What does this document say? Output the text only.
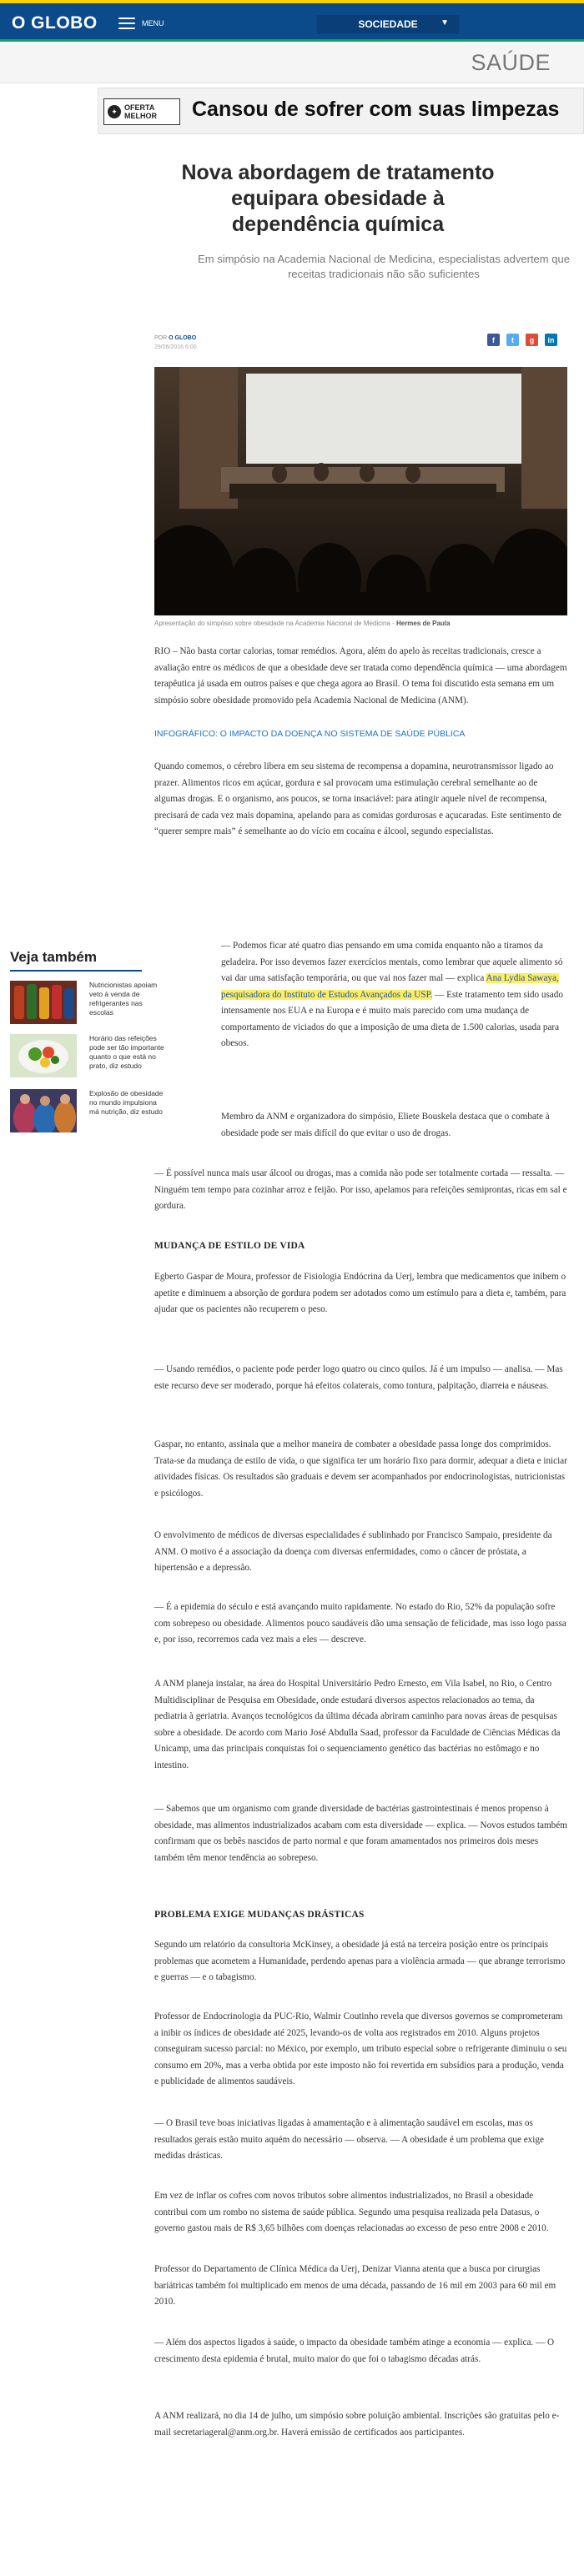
O GLOBO	MENU	SOCIEDADE	▼
SAÚDE
✦ OFERTA
MELHOR Cansou de sofrer com suas limpezas
Nova abordagem de tratamento equipara obesidade à dependência química

Em simpósio na Academia Nacional de Medicina, especialistas advertem que receitas tradicionais não são suficientes

POR O GLOBO
29/06/2016 6:00
f	t	g	in
Apresentação do simpósio sobre obesidade na Academia Nacional de Medicina - Hermes de Paula

RIO – Não basta cortar calorias, tomar remédios. Agora, além do apelo às receitas tradicionais, cresce a avaliação entre os médicos de que a obesidade deve ser tratada como dependência química — uma abordagem terapêutica já usada em outros países e que chega agora ao Brasil. O tema foi discutido esta semana em um simpósio sobre obesidade promovido pela Academia Nacional de Medicina (ANM).

INFOGRÁFICO: O IMPACTO DA DOENÇA NO SISTEMA DE SAÚDE PÚBLICA

Quando comemos, o cérebro libera em seu sistema de recompensa a dopamina, neurotransmissor ligado ao prazer. Alimentos ricos em açúcar, gordura e sal provocam uma estimulação cerebral semelhante ao de algumas drogas. E o organismo, aos poucos, se torna insaciável: para atingir aquele nível de recompensa, precisará de cada vez mais dopamina, apelando para as comidas gordurosas e açucaradas. Este sentimento de “querer sempre mais” é semelhante ao do vício em cocaína e álcool, segundo especialistas.

Veja também
Nutricionistas apoiam veto à venda de refrigerantes nas escolas
Horário das refeições pode ser tão importante quanto o que está no prato, diz estudo
Explosão de obesidade no mundo impulsiona má nutrição, diz estudo

— Podemos ficar até quatro dias pensando em uma comida enquanto não a tiramos da geladeira. Por isso devemos fazer exercícios mentais, como lembrar que aquele alimento só vai dar uma satisfação temporária, ou que vai nos fazer mal — explica Ana Lydia Sawaya, pesquisadora do Instituto de Estudos Avançados da USP. — Este tratamento tem sido usado intensamente nos EUA e na Europa e é muito mais parecido com uma mudança de comportamento de viciados do que a imposição de uma dieta de 1.500 calorias, usada para obesos.

Membro da ANM e organizadora do simpósio, Eliete Bouskela destaca que o combate à obesidade pode ser mais difícil do que evitar o uso de drogas.

— É possível nunca mais usar álcool ou drogas, mas a comida não pode ser totalmente cortada — ressalta. — Ninguém tem tempo para cozinhar arroz e feijão. Por isso, apelamos para refeições semiprontas, ricas em sal e gordura.

MUDANÇA DE ESTILO DE VIDA

Egberto Gaspar de Moura, professor de Fisiologia Endócrina da Uerj, lembra que medicamentos que inibem o apetite e diminuem a absorção de gordura podem ser adotados como um estímulo para a dieta e, também, para ajudar que os pacientes não recuperem o peso.

— Usando remédios, o paciente pode perder logo quatro ou cinco quilos. Já é um impulso — analisa. — Mas este recurso deve ser moderado, porque há efeitos colaterais, como tontura, palpitação, diarreia e náuseas.

Gaspar, no entanto, assinala que a melhor maneira de combater a obesidade passa longe dos comprimidos. Trata-se da mudança de estilo de vida, o que significa ter um horário fixo para dormir, adequar a dieta e iniciar atividades físicas. Os resultados são graduais e devem ser acompanhados por endocrinologistas, nutricionistas e psicólogos.

O envolvimento de médicos de diversas especialidades é sublinhado por Francisco Sampaio, presidente da ANM. O motivo é a associação da doença com diversas enfermidades, como o câncer de próstata, a hipertensão e a depressão.

— É a epidemia do século e está avançando muito rapidamente. No estado do Rio, 52% da população sofre com sobrepeso ou obesidade. Alimentos pouco saudáveis dão uma sensação de felicidade, mas isso logo passa e, por isso, recorremos cada vez mais a eles — descreve.

A ANM planeja instalar, na área do Hospital Universitário Pedro Ernesto, em Vila Isabel, no Rio, o Centro Multidisciplinar de Pesquisa em Obesidade, onde estudará diversos aspectos relacionados ao tema, da pediatria à geriatria. Avanços tecnológicos da última década abriram caminho para novas áreas de pesquisas sobre a obesidade. De acordo com Mario José Abdulla Saad, professor da Faculdade de Ciências Médicas da Unicamp, uma das principais conquistas foi o sequenciamento genético das bactérias no estômago e no intestino.

— Sabemos que um organismo com grande diversidade de bactérias gastrointestinais é menos propenso à obesidade, mas alimentos industrializados acabam com esta diversidade — explica. — Novos estudos também confirmam que os bebês nascidos de parto normal e que foram amamentados nos primeiros dois meses também têm menor tendência ao sobrepeso.

PROBLEMA EXIGE MUDANÇAS DRÁSTICAS

Segundo um relatório da consultoria McKinsey, a obesidade já está na terceira posição entre os principais problemas que acometem a Humanidade, perdendo apenas para a violência armada — que abrange terrorismo e guerras — e o tabagismo.

Professor de Endocrinologia da PUC-Rio, Walmir Coutinho revela que diversos governos se comprometeram a inibir os índices de obesidade até 2025, levando-os de volta aos registrados em 2010. Alguns projetos conseguiram sucesso parcial: no México, por exemplo, um tributo especial sobre o refrigerante diminuiu o seu consumo em 20%, mas a verba obtida por este imposto não foi revertida em subsídios para a produção, venda e publicidade de alimentos saudáveis.

— O Brasil teve boas iniciativas ligadas à amamentação e à alimentação saudável em escolas, mas os resultados gerais estão muito aquém do necessário — observa. — A obesidade é um problema que exige medidas drásticas.

Em vez de inflar os cofres com novos tributos sobre alimentos industrializados, no Brasil a obesidade contribui com um rombo no sistema de saúde pública. Segundo uma pesquisa realizada pela Datasus, o governo gastou mais de R$ 3,65 bilhões com doenças relacionadas ao excesso de peso entre 2008 e 2010.

Professor do Departamento de Clínica Médica da Uerj, Denizar Vianna atenta que a busca por cirurgias bariátricas também foi multiplicado em menos de uma década, passando de 16 mil em 2003 para 60 mil em 2010.

— Além dos aspectos ligados à saúde, o impacto da obesidade também atinge a economia — explica. — O crescimento desta epidemia é brutal, muito maior do que foi o tabagismo décadas atrás.

A ANM realizará, no dia 14 de julho, um simpósio sobre poluição ambiental. Inscrições são gratuitas pelo e-mail secretariageral@anm.org.br. Haverá emissão de certificados aos participantes.
